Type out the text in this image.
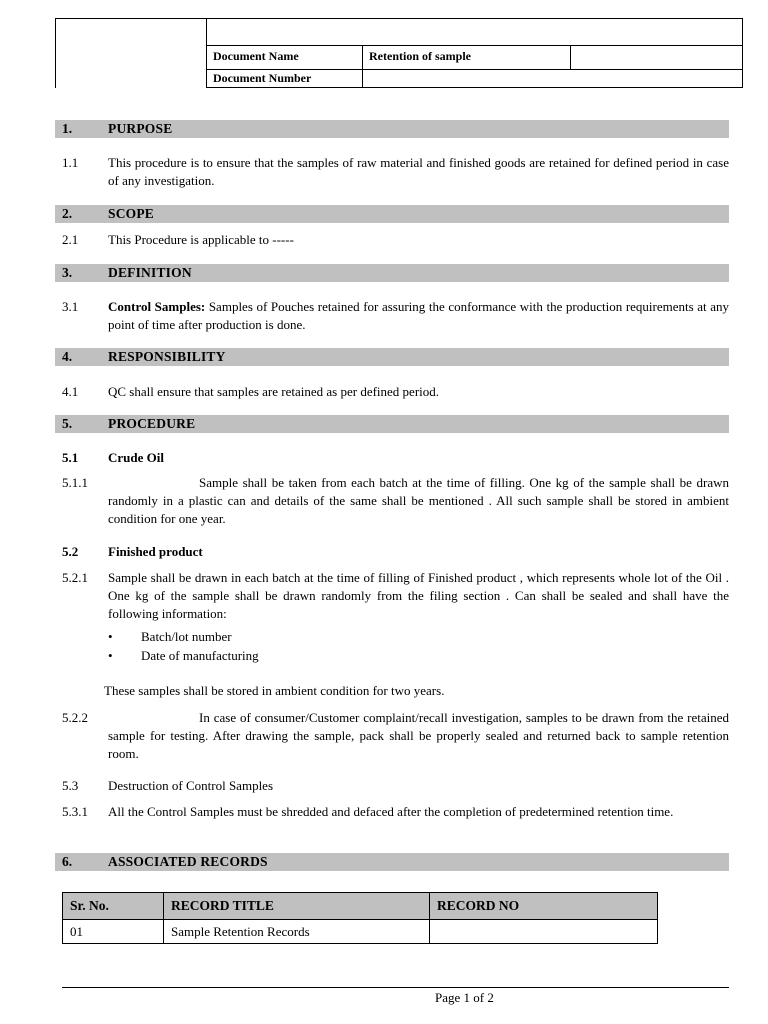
Document Name	Retention of sample
Document Number
1.	PURPOSE
1.1 This procedure is to ensure that the samples of raw material and finished goods are retained for defined period in case of any investigation.
2.	SCOPE
2.1 This Procedure is applicable to -----
3.	DEFINITION
3.1 Control Samples: Samples of Pouches retained for assuring the conformance with the production requirements at any point of time after production is done.
4.	RESPONSIBILITY
4.1 QC shall ensure that samples are retained as per defined period.
5.	PROCEDURE
5.1 Crude Oil
5.1.1	Sample shall be taken from each batch at the time of filling. One kg of the sample shall be drawn randomly in a plastic can and details of the same shall be mentioned . All such sample shall be stored in ambient condition for one year.
5.2 Finished product
5.2.1 Sample shall be drawn in each batch at the time of filling of Finished product , which represents whole lot of the Oil . One kg of the sample shall be drawn randomly from the filing section . Can shall be sealed and shall have the following information:
• Batch/lot number
• Date of manufacturing
These samples shall be stored in ambient condition for two years.
5.2.2	In case of consumer/Customer complaint/recall investigation, samples to be drawn from the retained sample for testing. After drawing the sample, pack shall be properly sealed and returned back to sample retention room.
5.3 Destruction of Control Samples
5.3.1 All the Control Samples must be shredded and defaced after the completion of predetermined retention time.
6.	ASSOCIATED RECORDS
Sr. No.	RECORD TITLE	RECORD NO
01	Sample Retention Records	
Page 1 of 2
